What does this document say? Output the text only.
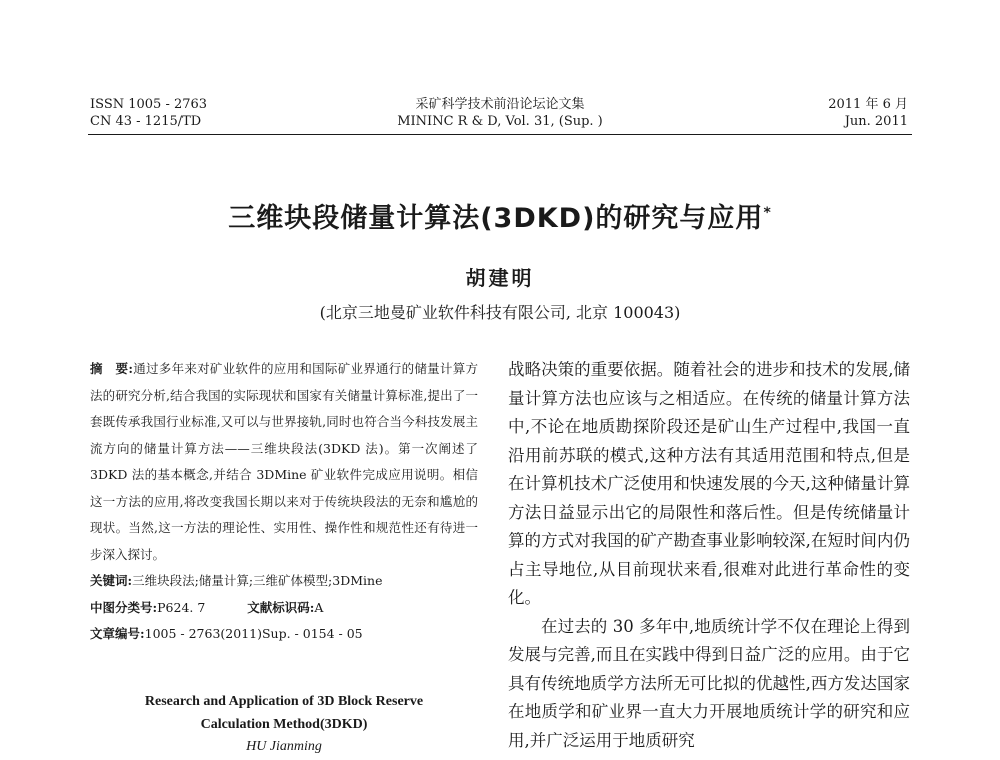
ISSN 1005 - 2763
CN 43 - 1215/TD
采矿科学技术前沿论坛论文集
MININC R & D, Vol. 31, (Sup. )
2011 年 6 月
Jun. 2011
三维块段储量计算法(3DKD)的研究与应用*
胡建明
(北京三地曼矿业软件科技有限公司, 北京 100043)

摘　要:通过多年来对矿业软件的应用和国际矿业界通行的储量计算方法的研究分析,结合我国的实际现状和国家有关储量计算标准,提出了一套既传承我国行业标准,又可以与世界接轨,同时也符合当今科技发展主流方向的储量计算方法——三维块段法(3DKD 法)。第一次阐述了 3DKD 法的基本概念,并结合 3DMine 矿业软件完成应用说明。相信这一方法的应用,将改变我国长期以来对于传统块段法的无奈和尴尬的现状。当然,这一方法的理论性、实用性、操作性和规范性还有待进一步深入探讨。

关键词:三维块段法;储量计算;三维矿体模型;3DMine

中图分类号:P624. 7	文献标识码:A

文章编号:1005 - 2763(2011)Sup. - 0154 - 05

Research and Application of 3D Block Reserve
Calculation Method(3DKD)
HU Jianming

战略决策的重要依据。随着社会的进步和技术的发展,储量计算方法也应该与之相适应。在传统的储量计算方法中,不论在地质勘探阶段还是矿山生产过程中,我国一直沿用前苏联的模式,这种方法有其适用范围和特点,但是在计算机技术广泛使用和快速发展的今天,这种储量计算方法日益显示出它的局限性和落后性。但是传统储量计算的方式对我国的矿产勘查事业影响较深,在短时间内仍占主导地位,从目前现状来看,很难对此进行革命性的变化。

在过去的 30 多年中,地质统计学不仅在理论上得到发展与完善,而且在实践中得到日益广泛的应用。由于它具有传统地质学方法所无可比拟的优越性,西方发达国家在地质学和矿业界一直大力开展地质统计学的研究和应用,并广泛运用于地质研究
